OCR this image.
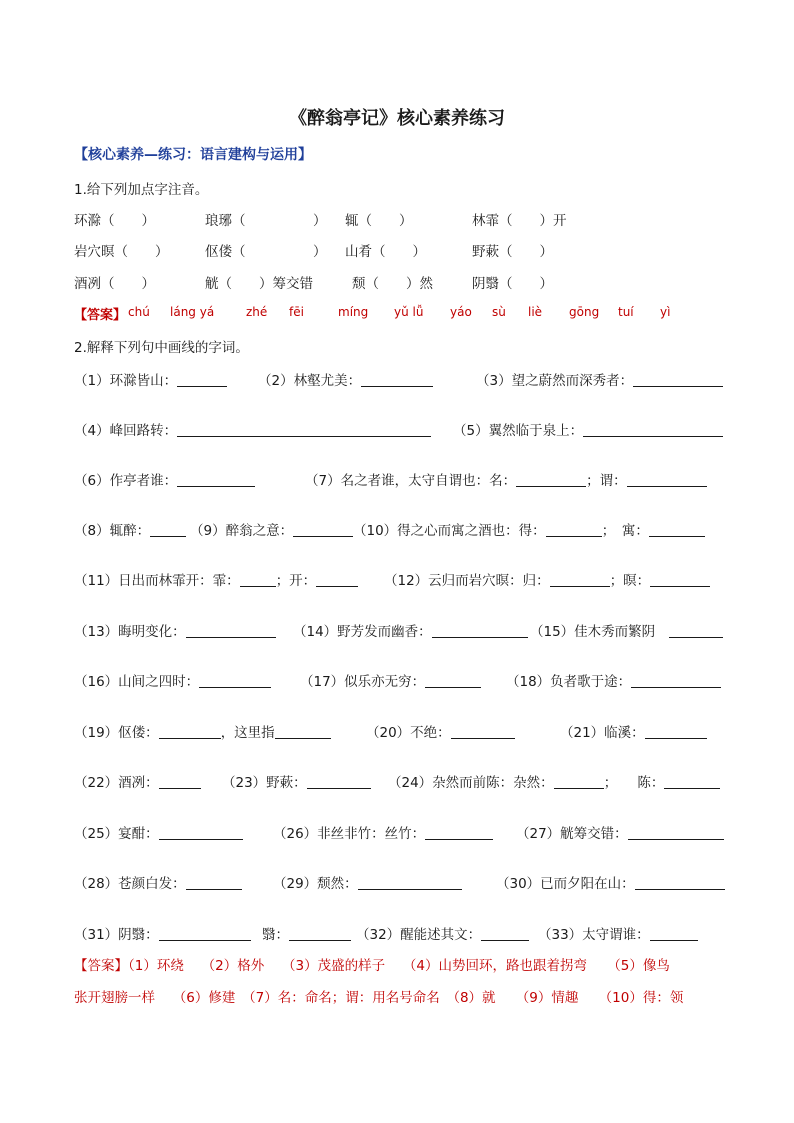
《醉翁亭记》核心素养练习
【核心素养—练习：语言建构与运用】
1.给下列加点字注音。
环滁（　　）	琅琊（　　　　　） 辄（　　）	林霏（　　）开
岩穴暝（　　）	伛偻（　　　　　） 山肴（　　）	野蔌（　　）
酒冽（　　）	觥（　　）筹交错	颓（　　）然	阴翳（　　）
【答案】 chú láng yá	zhé fēi	míng yǔ lǚ yáo sù liè gōng tuí yì
2.解释下列句中画线的字词。
（1）环滁皆山：	（2）林壑尤美：	（3）望之蔚然而深秀者：
（4）峰回路转：	（5）翼然临于泉上：
（6）作亭者谁：	（7）名之者谁，太守自谓也：名：	；谓：
（8）辄醉：	（9）醉翁之意：	（10）得之心而寓之酒也：得：	；　寓：
（11）日出而林霏开：霏：	；开：	（12）云归而岩穴暝：归：	；暝：
（13）晦明变化：	（14）野芳发而幽香：	（15）佳木秀而繁阴
（16）山间之四时：	（17）似乐亦无穷：	（18）负者歌于途：
（19）伛偻：	，这里指	（20）不绝：	（21）临溪：
（22）酒冽：	（23）野蔌：	（24）杂然而前陈：杂然：	；　　陈：
（25）宴酣：	（26）非丝非竹：丝竹：	（27）觥筹交错：
（28）苍颜白发：	（29）颓然：	（30）已而夕阳在山：
（31）阴翳：	翳：	（32）醒能述其文：	（33）太守谓谁：
【答案】（1）环绕　 （2）格外　 （3）茂盛的样子　 （4）山势回环，路也跟着拐弯　　（5）像鸟
张开翅膀一样　 （6）修建　（7）名：命名；谓：用名号命名　（8）就　　（9）情趣　　（10）得：领
